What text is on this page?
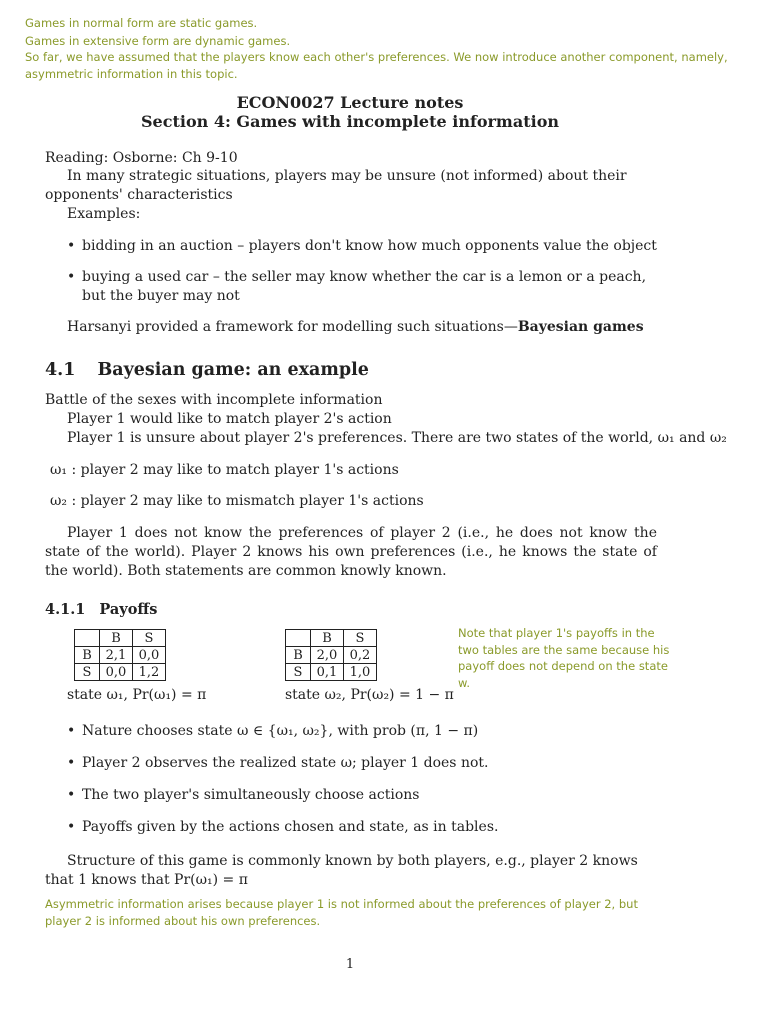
Games in normal form are static games.
Games in extensive form are dynamic games.
So far, we have assumed that the players know each other's preferences. We now introduce another component, namely, asymmetric information in this topic.
ECON0027 Lecture notes
Section 4: Games with incomplete information
Reading: Osborne: Ch 9-10
In many strategic situations, players may be unsure (not informed) about their opponents' characteristics
Examples:
• bidding in an auction – players don't know how much opponents value the object
• buying a used car – the seller may know whether the car is a lemon or a peach, but the buyer may not
Harsanyi provided a framework for modelling such situations—Bayesian games
4.1 Bayesian game: an example
Battle of the sexes with incomplete information
Player 1 would like to match player 2's action
Player 1 is unsure about player 2's preferences. There are two states of the world, ω₁ and ω₂
ω₁ : player 2 may like to match player 1's actions
ω₂ : player 2 may like to mismatch player 1's actions
Player 1 does not know the preferences of player 2 (i.e., he does not know the state of the world). Player 2 knows his own preferences (i.e., he knows the state of the world). Both statements are common knowly known.
4.1.1 Payoffs
	B	S
B	2,1	0,0
S	0,0	1,2
state ω₁, Pr(ω₁) = π
	B	S
B	2,0	0,2
S	0,1	1,0
state ω₂, Pr(ω₂) = 1 − π
Note that player 1's payoffs in the two tables are the same because his payoff does not depend on the state w.
• Nature chooses state ω ∈ {ω₁, ω₂}, with prob (π, 1 − π)
• Player 2 observes the realized state ω; player 1 does not.
• The two player's simultaneously choose actions
• Payoffs given by the actions chosen and state, as in tables.
Structure of this game is commonly known by both players, e.g., player 2 knows that 1 knows that Pr(ω₁) = π
Asymmetric information arises because player 1 is not informed about the preferences of player 2, but player 2 is informed about his own preferences.
1
